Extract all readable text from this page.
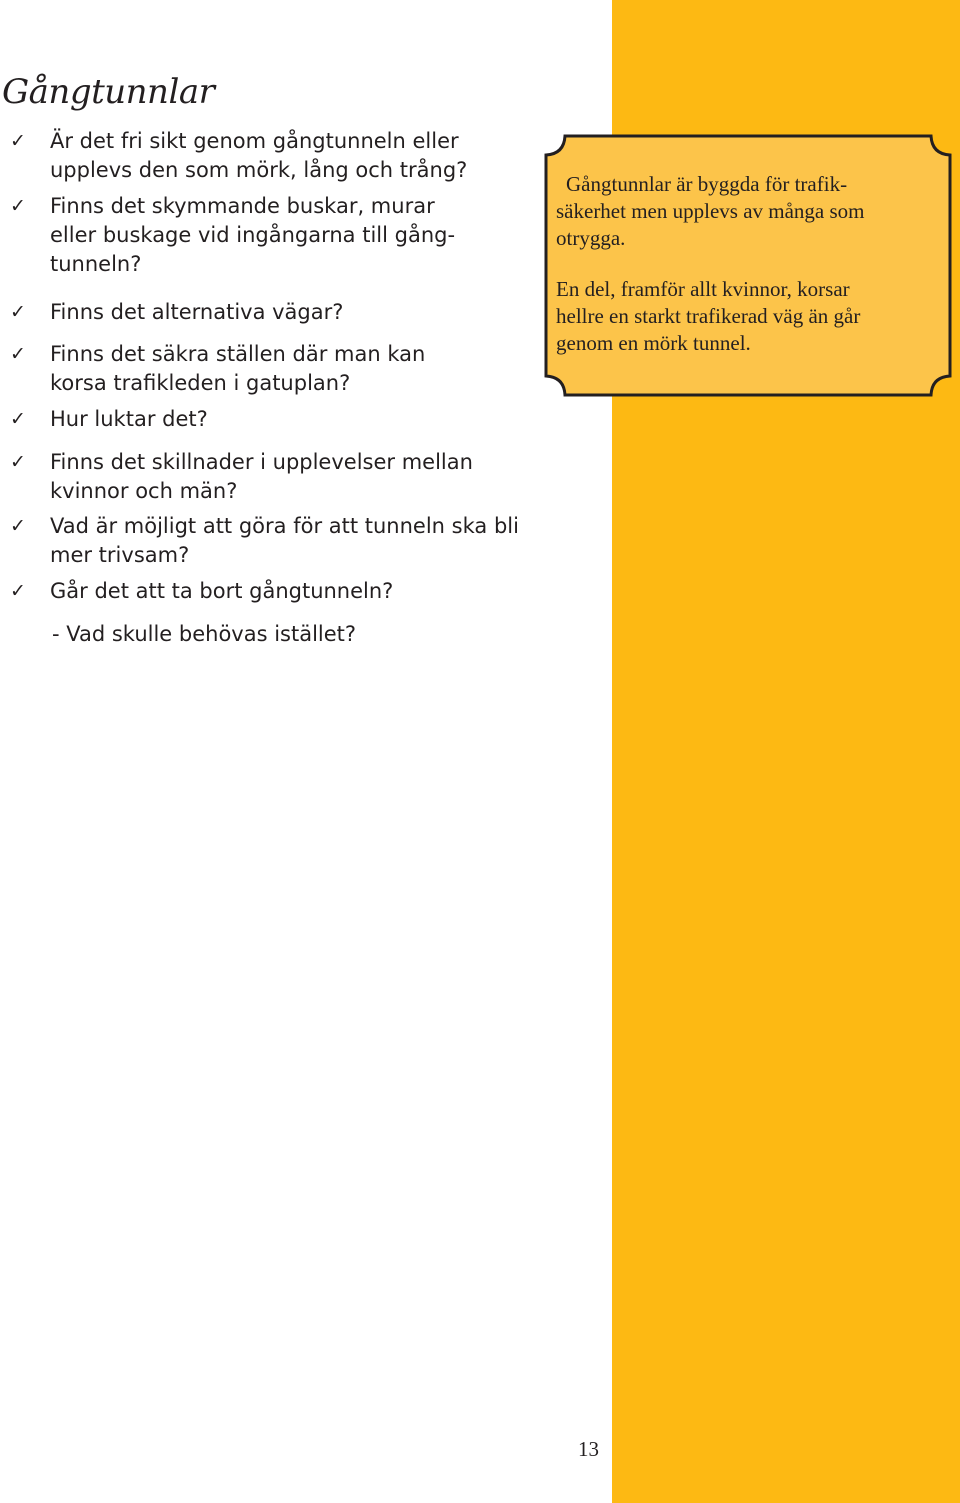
Gångtunnlar
✓ Är det fri sikt genom gångtunneln eller
upplevs den som mörk, lång och trång?
✓ Finns det skymmande buskar, murar
eller buskage vid ingångarna till gång-
tunneln?
✓ Finns det alternativa vägar?
✓ Finns det säkra ställen där man kan
korsa trafikleden i gatuplan?
✓ Hur luktar det?
✓ Finns det skillnader i upplevelser mellan
kvinnor och män?
✓ Vad är möjligt att göra för att tunneln ska bli
mer trivsam?
✓ Går det att ta bort gångtunneln?
- Vad skulle behövas istället?

Gångtunnlar är byggda för trafik-
säkerhet men upplevs av många som
otrygga.

En del, framför allt kvinnor, korsar
hellre en starkt trafikerad väg än går
genom en mörk tunnel.

13
